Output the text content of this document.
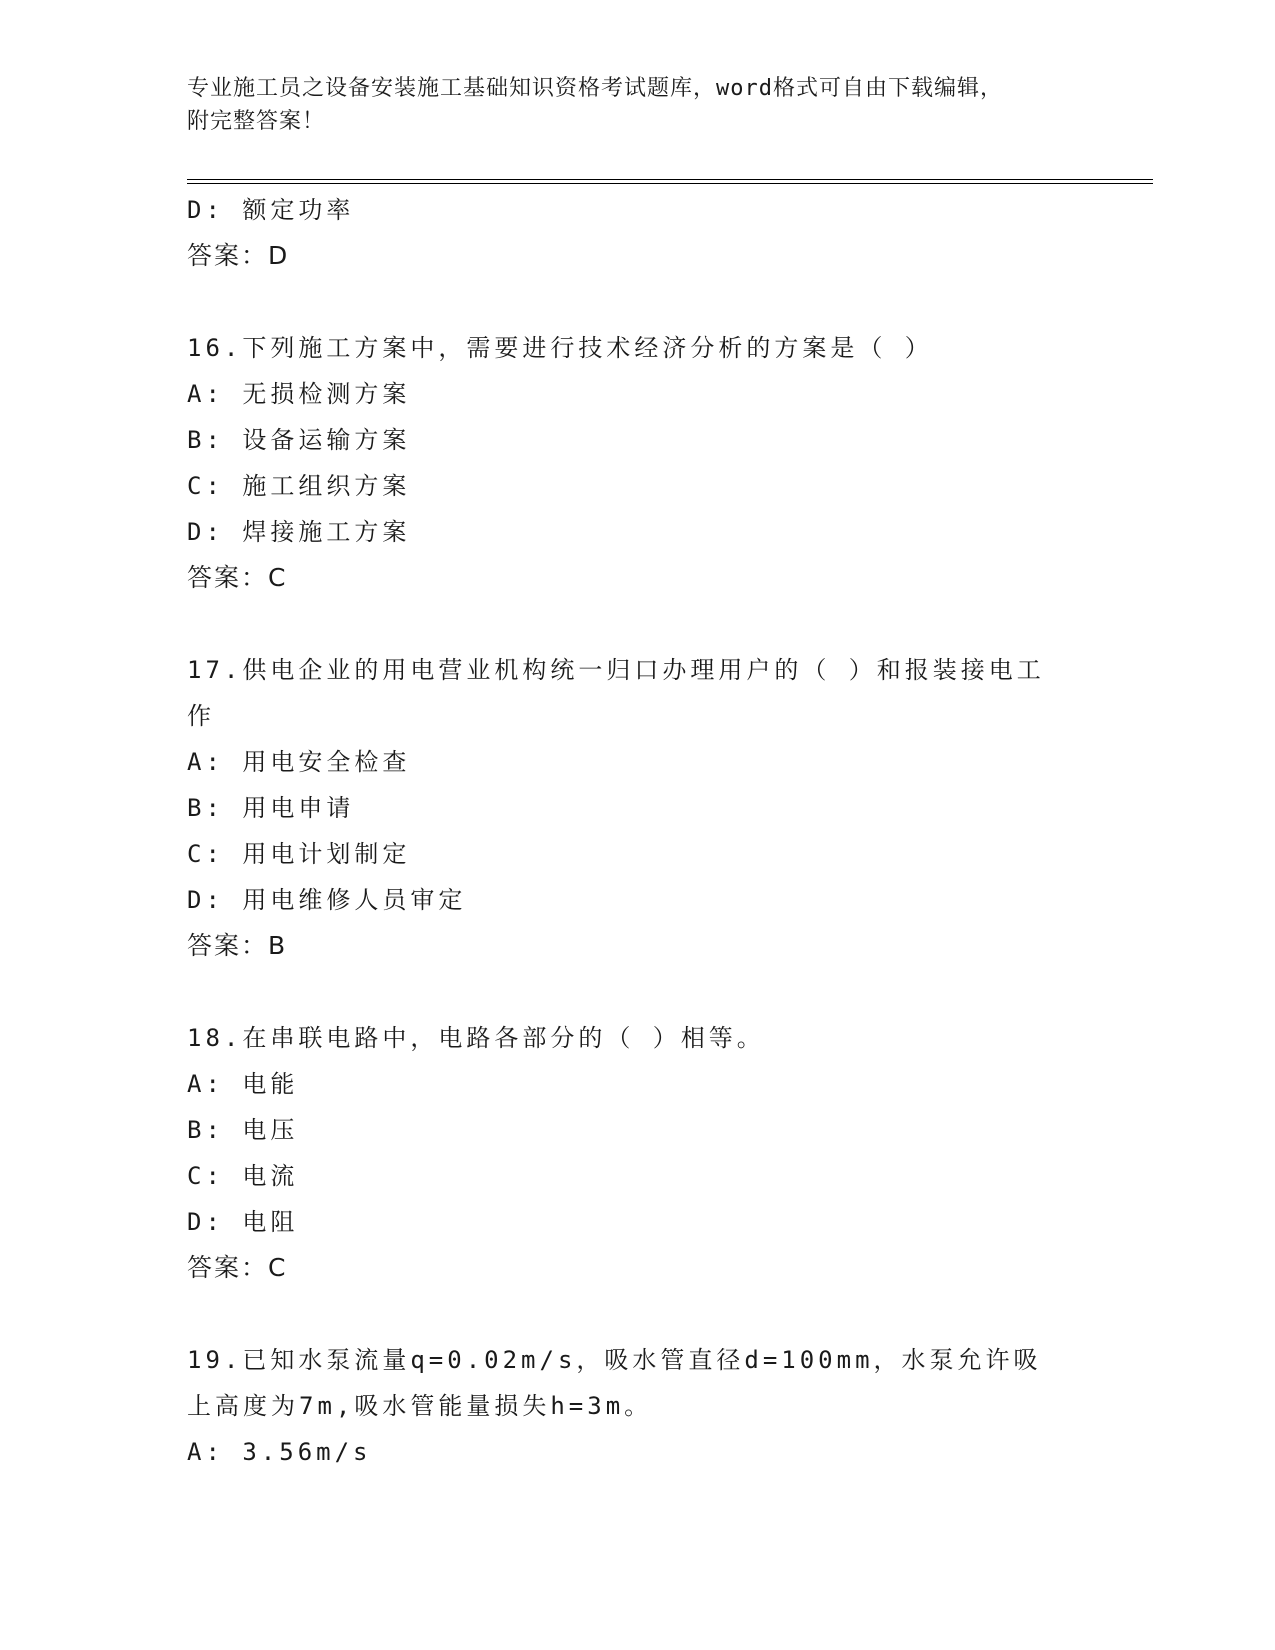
专业施工员之设备安装施工基础知识资格考试题库，word格式可自由下载编辑，
附完整答案！
D: 额定功率
答案：D
16.下列施工方案中，需要进行技术经济分析的方案是（ ）
A: 无损检测方案
B: 设备运输方案
C: 施工组织方案
D: 焊接施工方案
答案：C
17.供电企业的用电营业机构统一归口办理用户的（ ）和报装接电工作
A: 用电安全检查
B: 用电申请
C: 用电计划制定
D: 用电维修人员审定
答案：B
18.在串联电路中，电路各部分的（ ）相等。
A: 电能
B: 电压
C: 电流
D: 电阻
答案：C
19.已知水泵流量q=0.02m/s，吸水管直径d=100mm，水泵允许吸上高度为7m,吸水管能量损失h=3m。
A: 3.56m/s
